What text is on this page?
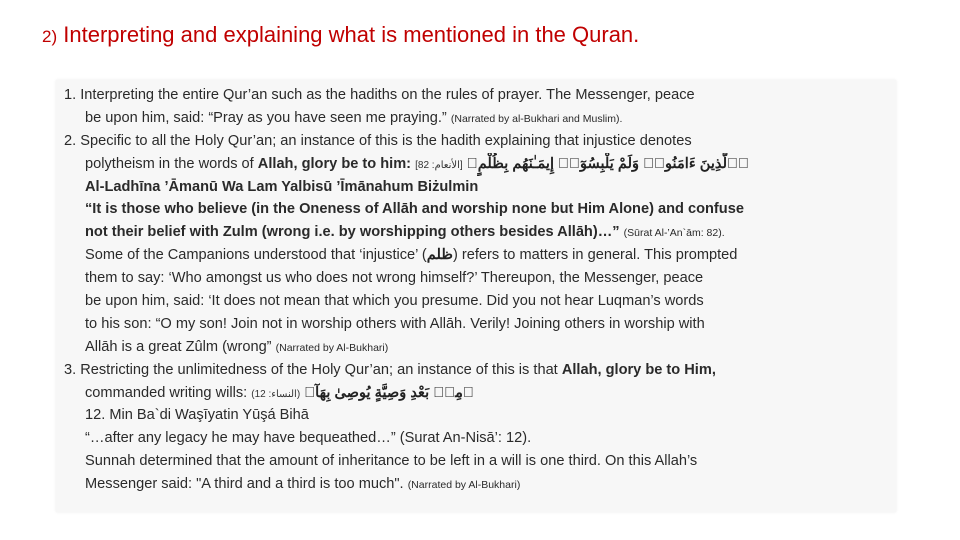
2) Interpreting and explaining what is mentioned in the Quran.
1. Interpreting the entire Qur’an such as the hadiths on the rules of prayer. The Messenger, peace
be upon him, said: “Pray as you have seen me praying.” (Narrated by al-Bukhari and Muslim).
2. Specific to all the Holy Qur’an; an instance of this is the hadith explaining that injustice denotes
polytheism in the words of Allah, glory be to him: [الأنعام: 82] ﴿ٱلَّذِينَ ءَامَنُوا۟ وَلَمْ يَلْبِسُوٓا۟ إِيمَـٰنَهُم بِظُلْمٍ﴾
Al-Ladhīna ’Āmanū Wa Lam Yalbisū ’Īmānahum Biżulmin
“It is those who believe (in the Oneness of Allāh and worship none but Him Alone) and confuse
not their belief with Zulm (wrong i.e. by worshipping others besides Allāh)…” (Sūrat Al-’An`ām: 82).
Some of the Campanions understood that ‘injustice’ (ظلم) refers to matters in general. This prompted
them to say: ‘Who amongst us who does not wrong himself?’ Thereupon, the Messenger, peace
be upon him, said: ‘It does not mean that which you presume. Did you not hear Luqman’s words
to his son: “O my son! Join not in worship others with Allāh. Verily! Joining others in worship with
Allāh is a great Zûlm (wrong” (Narrated by Al-Bukhari)
3. Restricting the unlimitedness of the Holy Qur’an; an instance of this is that Allah, glory be to Him,
commanded writing wills: (النساء: 12) ﴿مِنۢ بَعْدِ وَصِيَّةٍ يُوصِىٰ بِهَآ﴾
12. Min Ba`di Waşīyatin Yūşá Bihā
“…after any legacy he may have bequeathed…” (Surat An-Nisā’: 12).
Sunnah determined that the amount of inheritance to be left in a will is one third. On this Allah’s
Messenger said: "A third and a third is too much". (Narrated by Al-Bukhari)
